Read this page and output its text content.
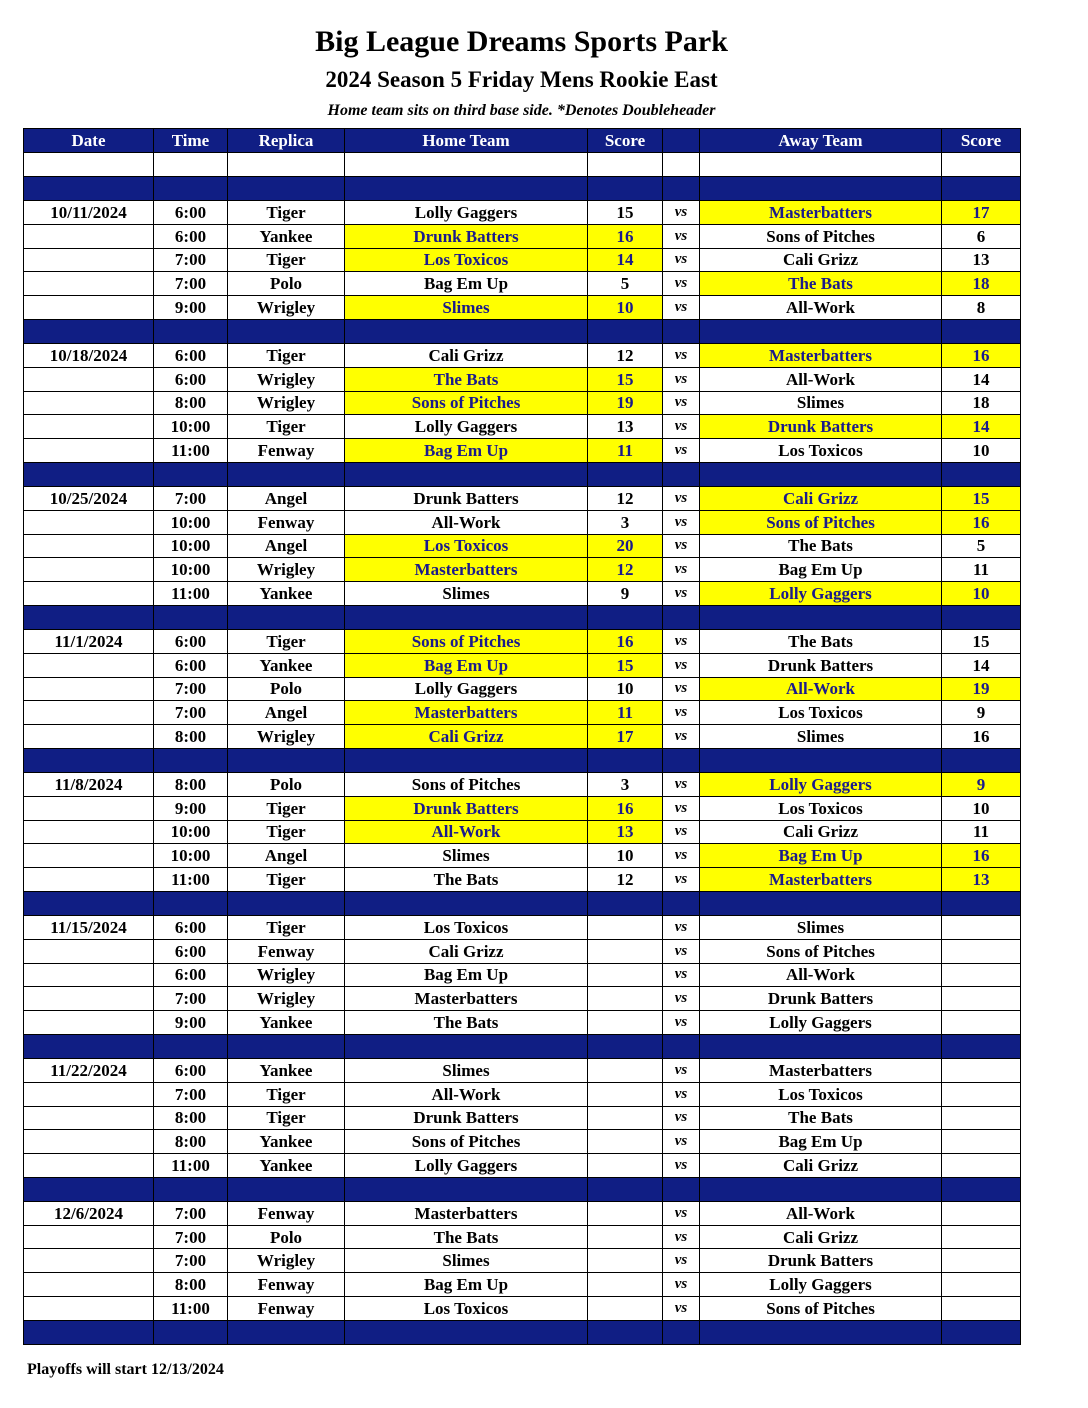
Big League Dreams Sports Park
2024 Season 5 Friday Mens Rookie East
Home team sits on third base side. *Denotes Doubleheader
Date	Time	Replica	Home Team	Score		Away Team	Score

10/11/2024	6:00	Tiger	Lolly Gaggers	15	vs	Masterbatters	17
	6:00	Yankee	Drunk Batters	16	vs	Sons of Pitches	6
	7:00	Tiger	Los Toxicos	14	vs	Cali Grizz	13
	7:00	Polo	Bag Em Up	5	vs	The Bats	18
	9:00	Wrigley	Slimes	10	vs	All-Work	8

10/18/2024	6:00	Tiger	Cali Grizz	12	vs	Masterbatters	16
	6:00	Wrigley	The Bats	15	vs	All-Work	14
	8:00	Wrigley	Sons of Pitches	19	vs	Slimes	18
	10:00	Tiger	Lolly Gaggers	13	vs	Drunk Batters	14
	11:00	Fenway	Bag Em Up	11	vs	Los Toxicos	10

10/25/2024	7:00	Angel	Drunk Batters	12	vs	Cali Grizz	15
	10:00	Fenway	All-Work	3	vs	Sons of Pitches	16
	10:00	Angel	Los Toxicos	20	vs	The Bats	5
	10:00	Wrigley	Masterbatters	12	vs	Bag Em Up	11
	11:00	Yankee	Slimes	9	vs	Lolly Gaggers	10

11/1/2024	6:00	Tiger	Sons of Pitches	16	vs	The Bats	15
	6:00	Yankee	Bag Em Up	15	vs	Drunk Batters	14
	7:00	Polo	Lolly Gaggers	10	vs	All-Work	19
	7:00	Angel	Masterbatters	11	vs	Los Toxicos	9
	8:00	Wrigley	Cali Grizz	17	vs	Slimes	16

11/8/2024	8:00	Polo	Sons of Pitches	3	vs	Lolly Gaggers	9
	9:00	Tiger	Drunk Batters	16	vs	Los Toxicos	10
	10:00	Tiger	All-Work	13	vs	Cali Grizz	11
	10:00	Angel	Slimes	10	vs	Bag Em Up	16
	11:00	Tiger	The Bats	12	vs	Masterbatters	13

11/15/2024	6:00	Tiger	Los Toxicos		vs	Slimes	
	6:00	Fenway	Cali Grizz		vs	Sons of Pitches	
	6:00	Wrigley	Bag Em Up		vs	All-Work	
	7:00	Wrigley	Masterbatters		vs	Drunk Batters	
	9:00	Yankee	The Bats		vs	Lolly Gaggers	

11/22/2024	6:00	Yankee	Slimes		vs	Masterbatters	
	7:00	Tiger	All-Work		vs	Los Toxicos	
	8:00	Tiger	Drunk Batters		vs	The Bats	
	8:00	Yankee	Sons of Pitches		vs	Bag Em Up	
	11:00	Yankee	Lolly Gaggers		vs	Cali Grizz	

12/6/2024	7:00	Fenway	Masterbatters		vs	All-Work	
	7:00	Polo	The Bats		vs	Cali Grizz	
	7:00	Wrigley	Slimes		vs	Drunk Batters	
	8:00	Fenway	Bag Em Up		vs	Lolly Gaggers	
	11:00	Fenway	Los Toxicos		vs	Sons of Pitches	

Playoffs will start 12/13/2024
